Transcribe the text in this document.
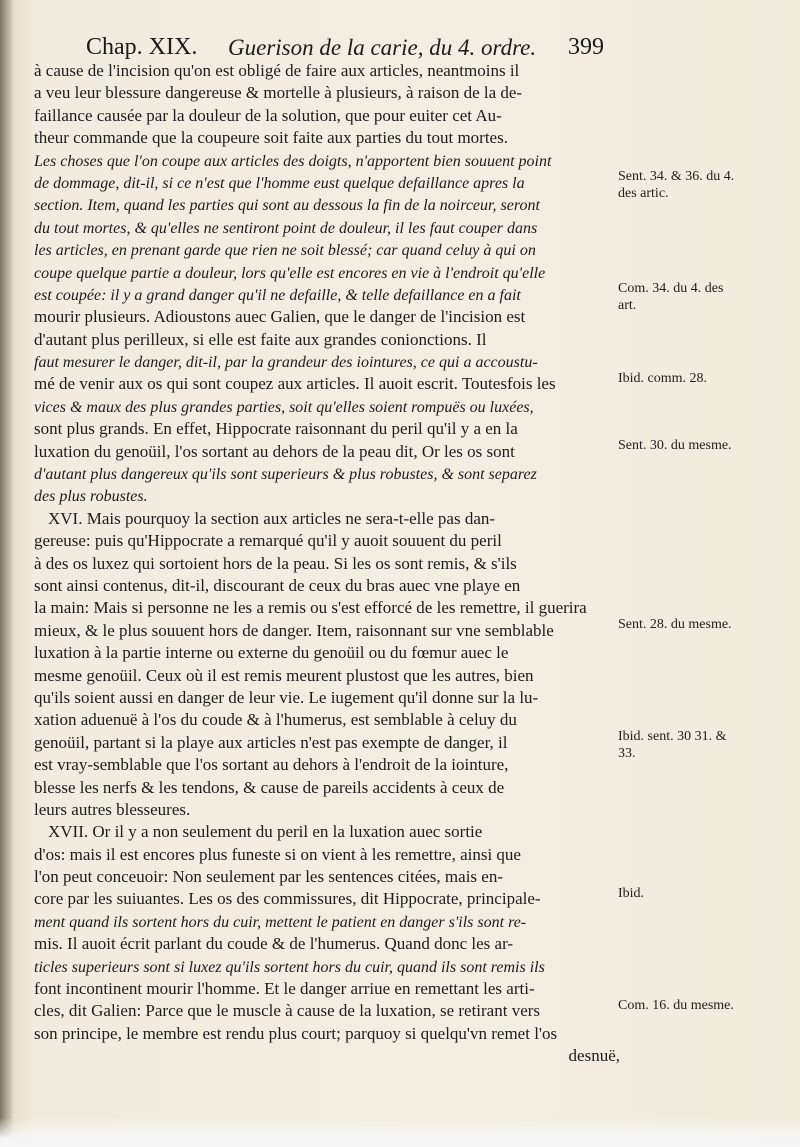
Chap. XIX. Guerison de la carie, du 4. ordre. 399
à cause de l'incision qu'on est obligé de faire aux articles, neantmoins il
a veu leur blessure dangereuse & mortelle à plusieurs, à raison de la de-
faillance causée par la douleur de la solution, que pour euiter cet Au-
theur commande que la coupeure soit faite aux parties du tout mortes.
Les choses que l'on coupe aux articles des doigts, n'apportent bien souuent point
de dommage, dit-il, si ce n'est que l'homme eust quelque defaillance apres la
section. Item, quand les parties qui sont au dessous la fin de la noirceur, seront
du tout mortes, & qu'elles ne sentiront point de douleur, il les faut couper dans
les articles, en prenant garde que rien ne soit blessé; car quand celuy à qui on
coupe quelque partie a douleur, lors qu'elle est encores en vie à l'endroit qu'elle
est coupée: il y a grand danger qu'il ne defaille, & telle defaillance en a fait
mourir plusieurs. Adioustons auec Galien, que le danger de l'incision est
d'autant plus perilleux, si elle est faite aux grandes conionctions. Il
faut mesurer le danger, dit-il, par la grandeur des iointures, ce qui a accoustu-
mé de venir aux os qui sont coupez aux articles. Il auoit escrit. Toutesfois les
vices & maux des plus grandes parties, soit qu'elles soient rompuës ou luxées,
sont plus grands. En effet, Hippocrate raisonnant du peril qu'il y a en la
luxation du genoüil, l'os sortant au dehors de la peau dit, Or les os sont
d'autant plus dangereux qu'ils sont superieurs & plus robustes, & sont separez
des plus robustes.
XVI. Mais pourquoy la section aux articles ne sera-t-elle pas dan-
gereuse: puis qu'Hippocrate a remarqué qu'il y auoit souuent du peril
à des os luxez qui sortoient hors de la peau. Si les os sont remis, & s'ils
sont ainsi contenus, dit-il, discourant de ceux du bras auec vne playe en
la main: Mais si personne ne les a remis ou s'est efforcé de les remettre, il guerira
mieux, & le plus souuent hors de danger. Item, raisonnant sur vne semblable
luxation à la partie interne ou externe du genoüil ou du fœmur auec le
mesme genoüil. Ceux où il est remis meurent plustost que les autres, bien
qu'ils soient aussi en danger de leur vie. Le iugement qu'il donne sur la lu-
xation aduenuë à l'os du coude & à l'humerus, est semblable à celuy du
genoüil, partant si la playe aux articles n'est pas exempte de danger, il
est vray-semblable que l'os sortant au dehors à l'endroit de la iointure,
blesse les nerfs & les tendons, & cause de pareils accidents à ceux de
leurs autres blesseures.
XVII. Or il y a non seulement du peril en la luxation auec sortie
d'os: mais il est encores plus funeste si on vient à les remettre, ainsi que
l'on peut conceuoir: Non seulement par les sentences citées, mais en-
core par les suiuantes. Les os des commissures, dit Hippocrate, principale-
ment quand ils sortent hors du cuir, mettent le patient en danger s'ils sont re-
mis. Il auoit écrit parlant du coude & de l'humerus. Quand donc les ar-
ticles superieurs sont si luxez qu'ils sortent hors du cuir, quand ils sont remis ils
font incontinent mourir l'homme. Et le danger arriue en remettant les arti-
cles, dit Galien: Parce que le muscle à cause de la luxation, se retirant vers
son principe, le membre est rendu plus court; parquoy si quelqu'vn remet l'os
desnuë,
Sent. 34. & 36. du 4. des artic.
Com. 34. du 4. des art.
Ibid. comm. 28.
Sent. 30. du mesme.
Sent. 28. du mesme.
Ibid. sent. 30 31. & 33.
Ibid.
Com. 16. du mesme.
